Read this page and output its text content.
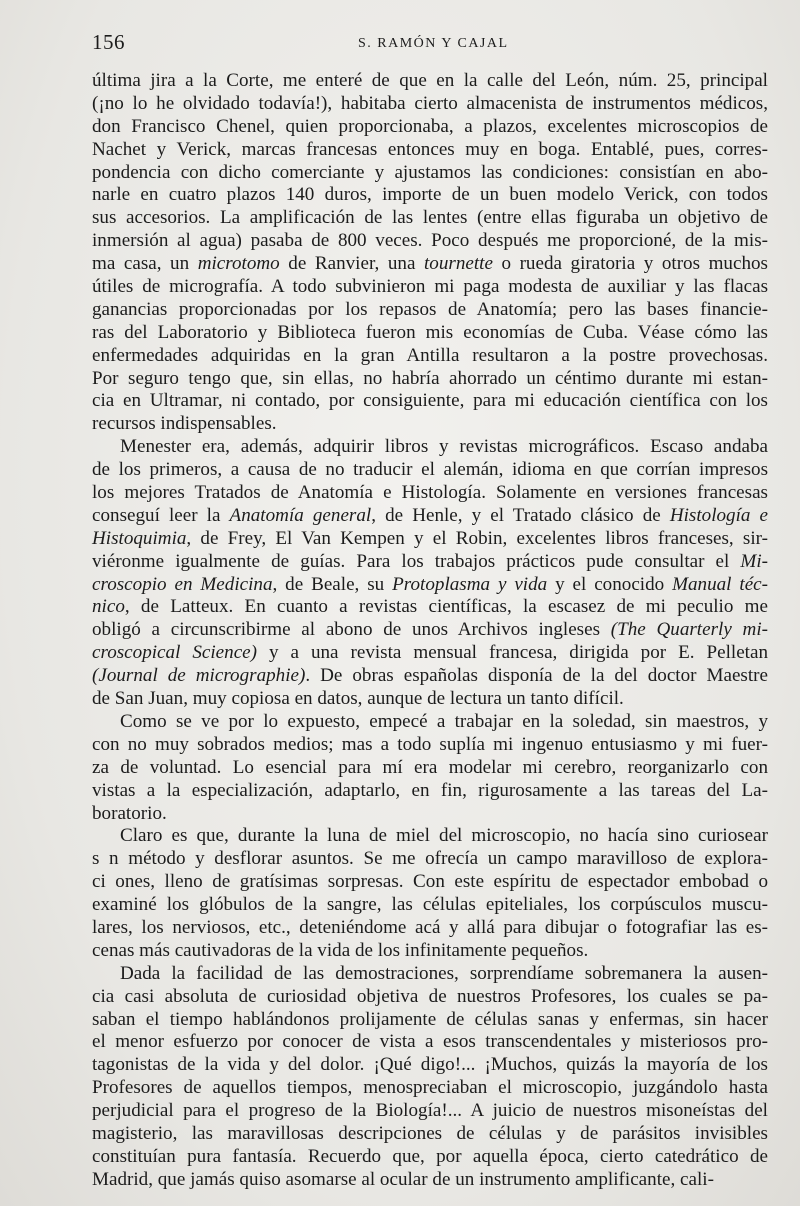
156	S. RAMÓN Y CAJAL
última jira a la Corte, me enteré de que en la calle del León, núm. 25, principal
(¡no lo he olvidado todavía!), habitaba cierto almacenista de instrumentos médicos,
don Francisco Chenel, quien proporcionaba, a plazos, excelentes microscopios de
Nachet y Verick, marcas francesas entonces muy en boga. Entablé, pues, corres-
pondencia con dicho comerciante y ajustamos las condiciones: consistían en abo-
narle en cuatro plazos 140 duros, importe de un buen modelo Verick, con todos
sus accesorios. La amplificación de las lentes (entre ellas figuraba un objetivo de
inmersión al agua) pasaba de 800 veces. Poco después me proporcioné, de la mis-
ma casa, un microtomo de Ranvier, una tournette o rueda giratoria y otros muchos
útiles de micrografía. A todo subvinieron mi paga modesta de auxiliar y las flacas
ganancias proporcionadas por los repasos de Anatomía; pero las bases financie-
ras del Laboratorio y Biblioteca fueron mis economías de Cuba. Véase cómo las
enfermedades adquiridas en la gran Antilla resultaron a la postre provechosas.
Por seguro tengo que, sin ellas, no habría ahorrado un céntimo durante mi estan-
cia en Ultramar, ni contado, por consiguiente, para mi educación científica con los
recursos indispensables.
Menester era, además, adquirir libros y revistas micrográficos. Escaso andaba
de los primeros, a causa de no traducir el alemán, idioma en que corrían impresos
los mejores Tratados de Anatomía e Histología. Solamente en versiones francesas
conseguí leer la Anatomía general, de Henle, y el Tratado clásico de Histología e
Histoquimia, de Frey, El Van Kempen y el Robin, excelentes libros franceses, sir-
viéronme igualmente de guías. Para los trabajos prácticos pude consultar el Mi-
croscopio en Medicina, de Beale, su Protoplasma y vida y el conocido Manual téc-
nico, de Latteux. En cuanto a revistas científicas, la escasez de mi peculio me
obligó a circunscribirme al abono de unos Archivos ingleses (The Quarterly mi-
croscopical Science) y a una revista mensual francesa, dirigida por E. Pelletan
(Journal de micrographie). De obras españolas disponía de la del doctor Maestre
de San Juan, muy copiosa en datos, aunque de lectura un tanto difícil.
Como se ve por lo expuesto, empecé a trabajar en la soledad, sin maestros, y
con no muy sobrados medios; mas a todo suplía mi ingenuo entusiasmo y mi fuer-
za de voluntad. Lo esencial para mí era modelar mi cerebro, reorganizarlo con
vistas a la especialización, adaptarlo, en fin, rigurosamente a las tareas del La-
boratorio.
Claro es que, durante la luna de miel del microscopio, no hacía sino curiosear
s n método y desflorar asuntos. Se me ofrecía un campo maravilloso de explora-
ci ones, lleno de gratísimas sorpresas. Con este espíritu de espectador embobad o
examiné los glóbulos de la sangre, las células epiteliales, los corpúsculos muscu-
lares, los nerviosos, etc., deteniéndome acá y allá para dibujar o fotografiar las es-
cenas más cautivadoras de la vida de los infinitamente pequeños.
Dada la facilidad de las demostraciones, sorprendíame sobremanera la ausen-
cia casi absoluta de curiosidad objetiva de nuestros Profesores, los cuales se pa-
saban el tiempo hablándonos prolijamente de células sanas y enfermas, sin hacer
el menor esfuerzo por conocer de vista a esos transcendentales y misteriosos pro-
tagonistas de la vida y del dolor. ¡Qué digo!... ¡Muchos, quizás la mayoría de los
Profesores de aquellos tiempos, menospreciaban el microscopio, juzgándolo hasta
perjudicial para el progreso de la Biología!... A juicio de nuestros misoneístas del
magisterio, las maravillosas descripciones de células y de parásitos invisibles
constituían pura fantasía. Recuerdo que, por aquella época, cierto catedrático de
Madrid, que jamás quiso asomarse al ocular de un instrumento amplificante, cali-
